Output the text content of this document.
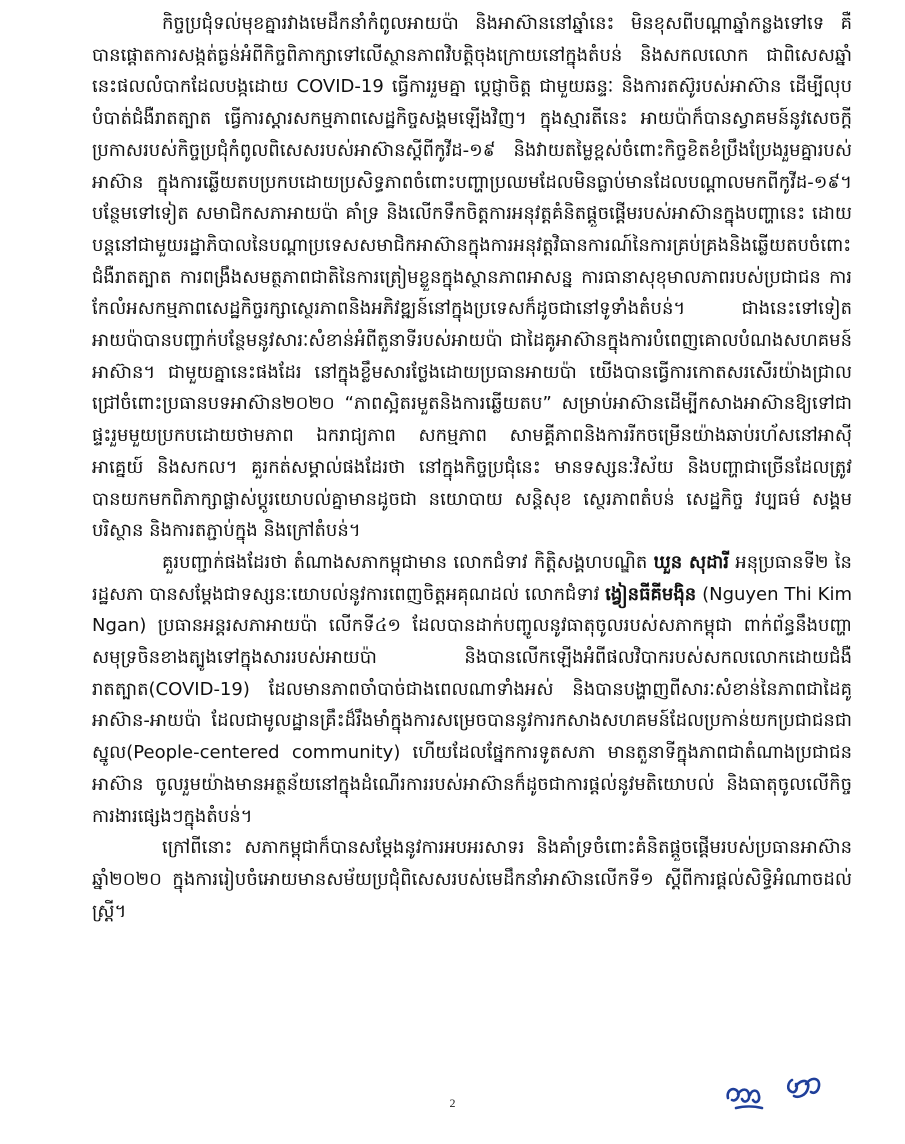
កិច្ចប្រជុំទល់មុខគ្នារវាងមេដឹកនាំកំពូលអាយប៉ា និងអាស៊ាននៅឆ្នាំនេះ មិនខុសពីបណ្តាឆ្នាំកន្លងទៅទេ គឺបានផ្តោតការសង្កត់ធ្ងន់អំពីកិច្ចពិភាក្សាទៅលើស្ថានភាពវិបត្តិចុងក្រោយនៅក្នុងតំបន់ និងសកលលោក ជាពិសេសឆ្នាំនេះផលលំបាកដែលបង្កដោយ COVID-19 ធ្វើការរួមគ្នា ប្តេជ្ញាចិត្ត ជាមួយឆន្ទៈ និងការតស៊ូរបស់អាស៊ាន ដើម្បីលុបបំបាត់ជំងឺរាតត្បាត ធ្វើការស្តារសកម្មភាពសេដ្ឋកិច្ចសង្គមឡើងវិញ។ ក្នុងស្មារតីនេះ អាយប៉ាក៏បានស្វាគមន៍នូវសេចក្តីប្រកាសរបស់កិច្ចប្រជុំកំពូលពិសេសរបស់អាស៊ានស្តីពីកូវីដ-១៩ និងវាយតម្លៃខ្ពស់ចំពោះកិច្ចខិតខំប្រឹងប្រែងរួមគ្នារបស់អាស៊ាន ក្នុងការឆ្លើយតបប្រកបដោយប្រសិទ្ធភាពចំពោះបញ្ហាប្រឈមដែលមិនធ្លាប់មានដែលបណ្តាលមកពីកូវីដ-១៩។ បន្ថែមទៅទៀត សមាជិកសភាអាយប៉ា គាំទ្រ និងលើកទឹកចិត្តការអនុវត្តគំនិតផ្តួចផ្តើមរបស់អាស៊ានក្នុងបញ្ហានេះ ដោយបន្តនៅជាមួយរដ្ឋាភិបាលនៃបណ្តាប្រទេសសមាជិកអាស៊ានក្នុងការអនុវត្តវិធានការណ៍នៃការគ្រប់គ្រងនិងឆ្លើយតបចំពោះជំងឺរាតត្បាត ការពង្រឹងសមត្ថភាពជាតិនៃការត្រៀមខ្លួនក្នុងស្ថានភាពអាសន្ន ការធានាសុខុមាលភាពរបស់ប្រជាជន ការកែលំអសកម្មភាពសេដ្ឋកិច្ចរក្សាស្ថេរភាពនិងអភិវឌ្ឍន៍នៅក្នុងប្រទេសក៏ដូចជានៅទូទាំងតំបន់។ ជាងនេះទៅទៀត អាយប៉ាបានបញ្ជាក់បន្ថែមនូវសារៈសំខាន់អំពីតួនាទីរបស់អាយប៉ា ជាដៃគូអាស៊ានក្នុងការបំពេញគោលបំណងសហគមន៍អាស៊ាន។ ជាមួយគ្នានេះផងដែរ នៅក្នុងខ្លឹមសារថ្លែងដោយប្រធានអាយប៉ា យើងបានធ្វើការកោតសរសើរយ៉ាងជ្រាលជ្រៅចំពោះប្រធានបទអាស៊ាន២០២០ “ភាពស្អិតរមួតនិងការឆ្លើយតប” សម្រាប់អាស៊ានដើម្បីកសាងអាស៊ានឱ្យទៅជាផ្ទះរួមមួយប្រកបដោយថាមភាព ឯករាជ្យភាព សកម្មភាព សាមគ្គីភាពនិងការរីកចម្រើនយ៉ាងឆាប់រហ័សនៅអាស៊ីអាគ្នេយ៍ និងសកល។ គួរកត់សម្គាល់ផងដែរថា នៅក្នុងកិច្ចប្រជុំនេះ មានទស្សនៈវិស័យ និងបញ្ហាជាច្រើនដែលត្រូវបានយកមកពិភាក្សាផ្លាស់ប្តូរយោបល់គ្នាមានដូចជា នយោបាយ សន្តិសុខ ស្ថេរភាពតំបន់ សេដ្ឋកិច្ច វប្បធម៌ សង្គម បរិស្ថាន និងការតភ្ជាប់ក្នុង និងក្រៅតំបន់។

គួរបញ្ជាក់ផងដែរថា តំណាងសភាកម្ពុជាមាន លោកជំទាវ កិត្តិសង្គហបណ្ឌិត ឃួន សុដារី អនុប្រធានទី២ នៃរដ្ឋសភា បានសម្តែងជាទស្សនៈយោបល់នូវការពេញចិត្តអគុណដល់ លោកជំទាវ ង្វៀនធីគីមង៉ិន (Nguyen Thi Kim Ngan) ប្រធានអន្តរសភាអាយប៉ា លើកទី៤១ ដែលបានដាក់បញ្ចូលនូវធាតុចូលរបស់សភាកម្ពុជា ពាក់ព័ន្ធនឹងបញ្ហាសមុទ្រចិនខាងត្បូងទៅក្នុងសាររបស់អាយប៉ា និងបានលើកឡើងអំពីផលវិបាករបស់សកលលោកដោយជំងឺរាតត្បាត(COVID-19) ដែលមានភាពចាំបាច់ជាងពេលណាទាំងអស់ និងបានបង្ហាញពីសារៈសំខាន់នៃភាពជាដៃគូអាស៊ាន-អាយប៉ា ដែលជាមូលដ្ឋានគ្រឹះដ៏រឹងមាំក្នុងការសម្រេចបាននូវការកសាងសហគមន៍ដែលប្រកាន់យកប្រជាជនជាស្នូល(People-centered community) ហើយដែលផ្នែកការទូតសភា មានតួនាទីក្នុងភាពជាតំណាងប្រជាជនអាស៊ាន ចូលរួមយ៉ាងមានអត្ថន័យនៅក្នុងដំណើរការរបស់អាស៊ានក៏ដូចជាការផ្តល់នូវមតិយោបល់ និងធាតុចូលលើកិច្ចការងារផ្សេងៗក្នុងតំបន់។

ក្រៅពីនោះ សភាកម្ពុជាក៏បានសម្តែងនូវការអបអរសាទរ និងគាំទ្រចំពោះគំនិតផ្តួចផ្តើមរបស់ប្រធានអាស៊ានឆ្នាំ២០២០ ក្នុងការរៀបចំអោយមានសម័យប្រជុំពិសេសរបស់មេដឹកនាំអាស៊ានលើកទី១ ស្តីពីការផ្តល់សិទ្ធិអំណាចដល់ស្ត្រី។

2
